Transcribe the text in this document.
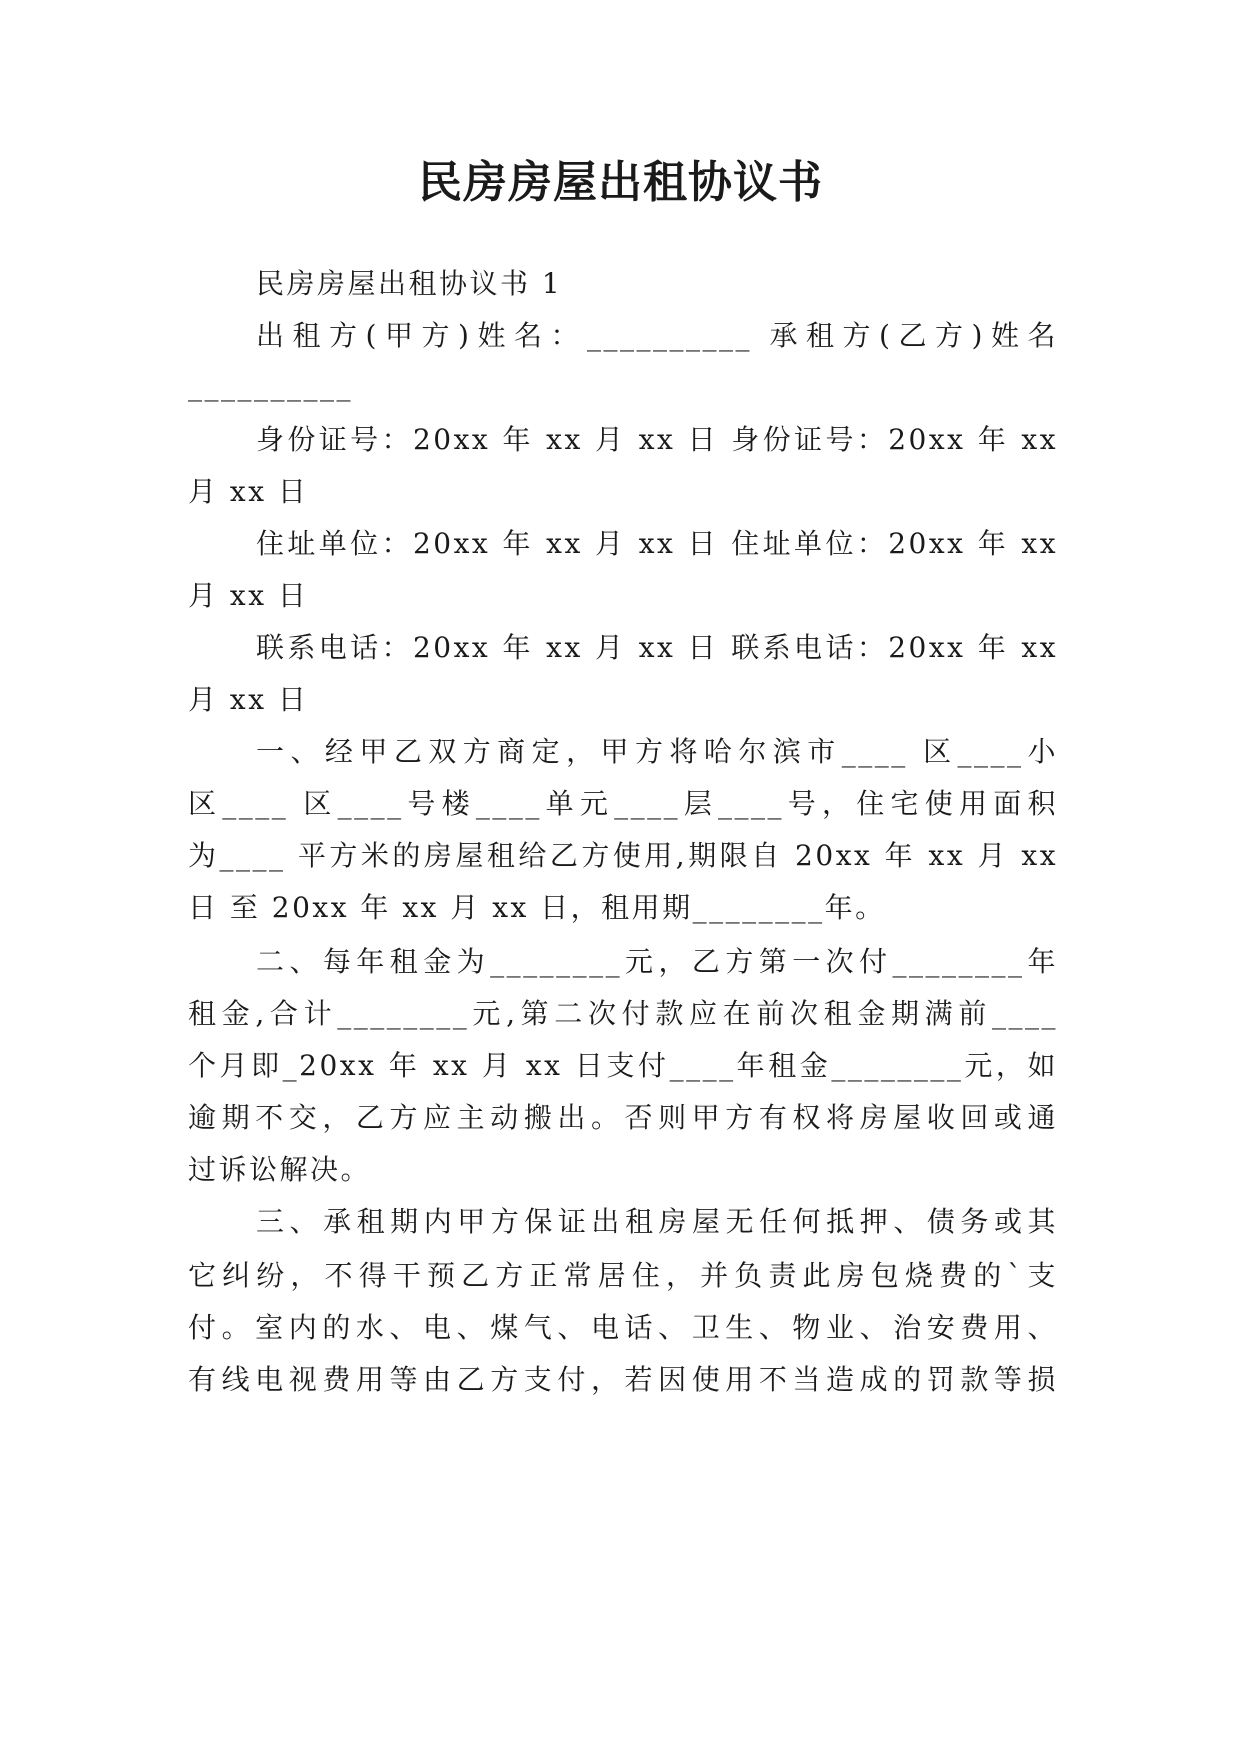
民房房屋出租协议书
民房房屋出租协议书 1
出租方(甲方)姓名：__________ 承租方(乙方)姓名
__________
身份证号：20xx 年 xx 月 xx 日 身份证号：20xx 年 xx
月 xx 日
住址单位：20xx 年 xx 月 xx 日 住址单位：20xx 年 xx
月 xx 日
联系电话：20xx 年 xx 月 xx 日 联系电话：20xx 年 xx
月 xx 日
一、经甲乙双方商定，甲方将哈尔滨市____ 区____小
区____ 区____号楼____单元____层____号，住宅使用面积
为____ 平方米的房屋租给乙方使用,期限自 20xx 年 xx 月 xx
日 至 20xx 年 xx 月 xx 日，租用期________年。
二、每年租金为________元，乙方第一次付________年
租金,合计________元,第二次付款应在前次租金期满前____
个月即_20xx 年 xx 月 xx 日支付____年租金________元，如
逾期不交，乙方应主动搬出。否则甲方有权将房屋收回或通
过诉讼解决。
三、承租期内甲方保证出租房屋无任何抵押、债务或其
它纠纷，不得干预乙方正常居住，并负责此房包烧费的`支
付。室内的水、电、煤气、电话、卫生、物业、治安费用、
有线电视费用等由乙方支付，若因使用不当造成的罚款等损
